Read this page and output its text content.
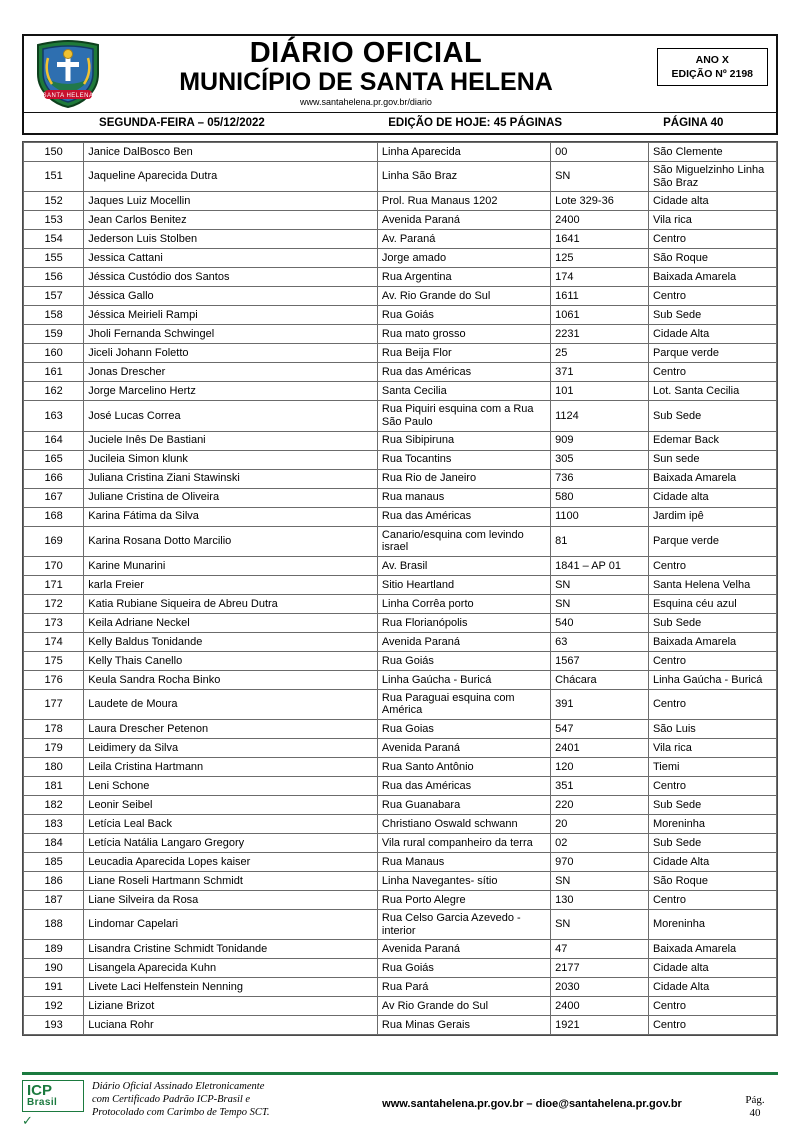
SANTA HELENA
DIÁRIO OFICIAL
MUNICÍPIO DE SANTA HELENA
www.santahelena.pr.gov.br/diario
ANO X
EDIÇÃO Nº 2198
SEGUNDA-FEIRA – 05/12/2022	EDIÇÃO DE HOJE: 45 PÁGINAS	PÁGINA 40
150	Janice DalBosco Ben	Linha Aparecida	00	São Clemente
151	Jaqueline Aparecida Dutra	Linha São Braz	SN	São Miguelzinho Linha São Braz
152	Jaques Luiz Mocellin	Prol. Rua Manaus 1202	Lote 329-36	Cidade alta
153	Jean Carlos Benitez	Avenida Paraná	2400	Vila rica
154	Jederson Luis Stolben	Av. Paraná	1641	Centro
155	Jessica Cattani	Jorge amado	125	São Roque
156	Jéssica Custódio dos Santos	Rua Argentina	174	Baixada Amarela
157	Jéssica Gallo	Av. Rio Grande do Sul	1611	Centro
158	Jéssica Meirieli Rampi	Rua Goiás	1061	Sub Sede
159	Jholi Fernanda Schwingel	Rua mato grosso	2231	Cidade Alta
160	Jiceli Johann Foletto	Rua Beija Flor	25	Parque verde
161	Jonas Drescher	Rua das Américas	371	Centro
162	Jorge Marcelino Hertz	Santa Cecilia	101	Lot. Santa Cecilia
163	José Lucas Correa	Rua Piquiri esquina com a Rua São Paulo	1124	Sub Sede
164	Juciele Inês De Bastiani	Rua Sibipiruna	909	Edemar Back
165	Jucileia Simon klunk	Rua Tocantins	305	Sun sede
166	Juliana Cristina Ziani Stawinski	Rua Rio de Janeiro	736	Baixada Amarela
167	Juliane Cristina de Oliveira	Rua manaus	580	Cidade alta
168	Karina Fátima da Silva	Rua das Américas	1100	Jardim ipê
169	Karina Rosana Dotto Marcilio	Canario/esquina com levindo israel	81	Parque verde
170	Karine Munarini	Av. Brasil	1841 – AP 01	Centro
171	karla Freier	Sitio Heartland	SN	Santa Helena Velha
172	Katia Rubiane Siqueira de Abreu Dutra	Linha Corrêa porto	SN	Esquina céu azul
173	Keila Adriane Neckel	Rua Florianópolis	540	Sub Sede
174	Kelly Baldus Tonidande	Avenida Paraná	63	Baixada Amarela
175	Kelly Thais Canello	Rua Goiás	1567	Centro
176	Keula Sandra Rocha Binko	Linha Gaúcha - Buricá	Chácara	Linha Gaúcha - Buricá
177	Laudete de Moura	Rua Paraguai esquina com América	391	Centro
178	Laura Drescher Petenon	Rua Goias	547	São Luis
179	Leidimery da Silva	Avenida Paraná	2401	Vila rica
180	Leila Cristina Hartmann	Rua Santo Antônio	120	Tiemi
181	Leni Schone	Rua das Américas	351	Centro
182	Leonir Seibel	Rua Guanabara	220	Sub Sede
183	Letícia Leal Back	Christiano Oswald schwann	20	Moreninha
184	Letícia Natália Langaro Gregory	Vila rural companheiro da terra	02	Sub Sede
185	Leucadia Aparecida Lopes kaiser	Rua Manaus	970	Cidade Alta
186	Liane Roseli Hartmann Schmidt	Linha Navegantes- sítio	SN	São Roque
187	Liane Silveira da Rosa	Rua Porto Alegre	130	Centro
188	Lindomar Capelari	Rua Celso Garcia Azevedo - interior	SN	Moreninha
189	Lisandra Cristine Schmidt Tonidande	Avenida Paraná	47	Baixada Amarela
190	Lisangela Aparecida Kuhn	Rua Goiás	2177	Cidade alta
191	Livete Laci Helfenstein Nenning	Rua Pará	2030	Cidade Alta
192	Liziane Brizot	Av Rio Grande do Sul	2400	Centro
193	Luciana Rohr	Rua Minas Gerais	1921	Centro
ICP
Brasil
✓
Diário Oficial Assinado Eletronicamente
com Certificado Padrão ICP-Brasil e
Protocolado com Carimbo de Tempo SCT.
www.santahelena.pr.gov.br – dioe@santahelena.pr.gov.br	Pág.
40
